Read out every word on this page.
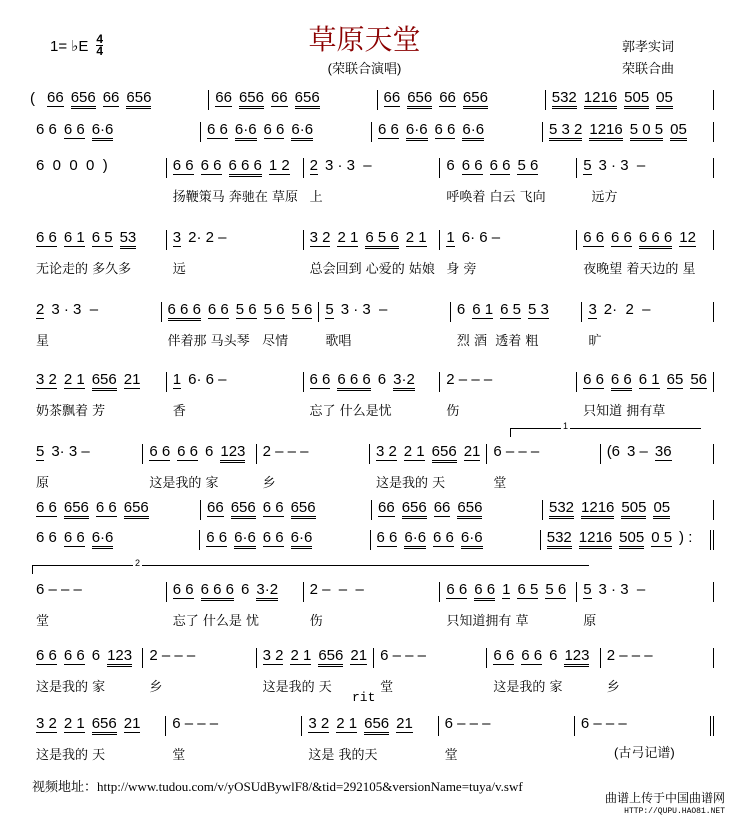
1= ♭E $\frac{4}{4}$	草原天堂
(荣联合演唱)
郭孝实词
荣联合曲
( 66 656 66 656	66 656 66 656	66 656 66 656	532 1216 505 05
6 6 6 6 6·6	6 6 6·6 6 6 6·6	6 6 6·6 6 6 6·6	5 3 2 1216 5 0 5 05
6  0  0  0  )	6 6 6 6 6 6 6 1 2
扬鞭策马 奔驰在 草原
2 3 · 3  –
上
6 6 6 6 6 5 6
呼唤着 白云 飞向
5 3 · 3  –
远方
6 6 6 1 6 5 53
无论走的 多久多
3 2· 2 –
远
3 2 2 1 6 5 6 2 1
总会回到 心爱的 姑娘
1 6· 6 –
身 旁
6 6 6 6 6 6 6 12
夜晚望 着天边的 星
2 3 · 3  –
星
6 6 6 6 6 5 6 5 6 5 6
伴着那 马头琴   尽情
5 3 · 3  –
歌唱
6 6 1 6 5 5 3
烈 酒  透着 粗
3 2·  2  –
旷
3 2 2 1 656 21
奶茶飘着 芳
1 6· 6 –
香
6 6 6 6 6 6 3·2
忘了 什么是忧
2 – – –
伤
6 6 6 6 6 1 65 56
只知道 拥有草
5 3· 3 –
原
6 6 6 6 6 123
这是我的 家
2 – – –
乡
3 2 2 1 656 21
这是我的 天
6 – – –
堂
(6 3 – 36
6 6 656 6 6 656	66 656 6 6 656	66 656 66 656	532 1216 505 05
6 6 6 6 6·6	6 6 6·6 6 6 6·6	6 6 6·6 6 6 6·6	532 1216 505 0 5 ) :
6 – – –
堂
6 6 6 6 6 6 3·2
忘了 什么是 忧
2 –  –  –
伤
6 6 6 6 1 6 5 5 6
只知道拥有 草
5 3 · 3  –
原
6 6 6 6 6 123
这是我的 家
2 – – –
乡
3 2 2 1 656 21
这是我的 天
6 – – –
堂
6 6 6 6 6 123
这是我的 家
2 – – –
乡
3 2 2 1 656 21
这是我的 天
6 – – –
堂
3 2 2 1 656 21
这是 我的天
6 – – –
堂
6 – – –
1
2
rit
(古弓记谱)
视频地址：http://www.tudou.com/v/yOSUdBywlF8/&tid=292105&versionName=tuya/v.swf
曲谱上传于中国曲谱网
HTTP://QUPU.HAO81.NET
